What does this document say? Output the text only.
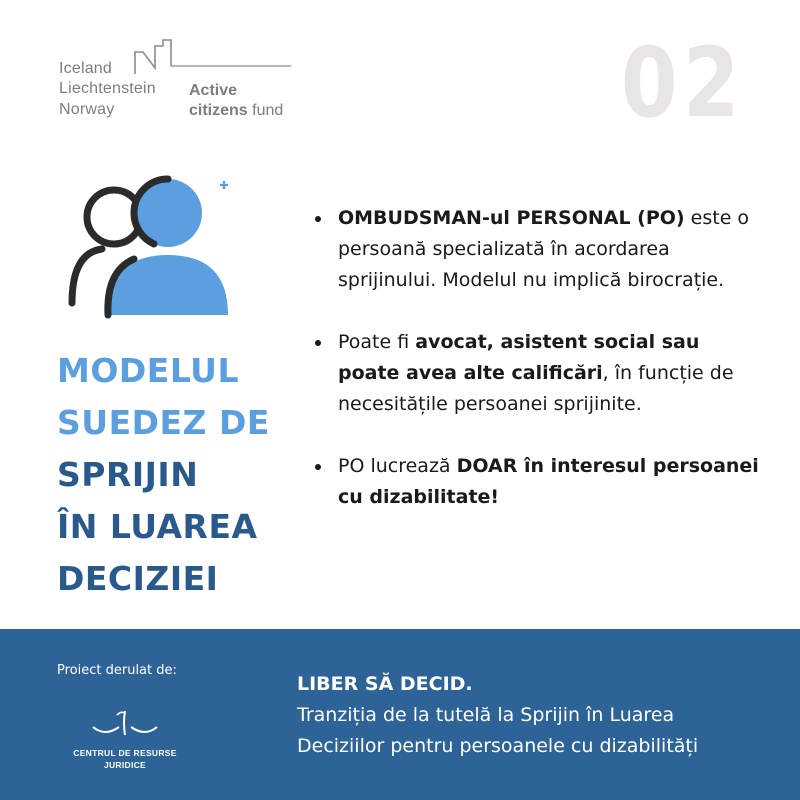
Iceland
Liechtenstein
Norway
Active
citizens fund	02
MODELUL
SUEDEZ DE
SPRIJIN
ÎN LUAREA
DECIZIEI
OMBUDSMAN-ul PERSONAL (PO) este o persoană specializată în acordarea sprijinului. Modelul nu implică birocrație.
Poate fi avocat, asistent social sau poate avea alte calificări, în funcție de necesitățile persoanei sprijinite.
PO lucrează DOAR în interesul persoanei cu dizabilitate!
Proiect derulat de:
CENTRUL DE RESURSE
JURIDICE
LIBER SĂ DECID.
Tranziția de la tutelă la Sprijin în Luarea
Deciziilor pentru persoanele cu dizabilități
